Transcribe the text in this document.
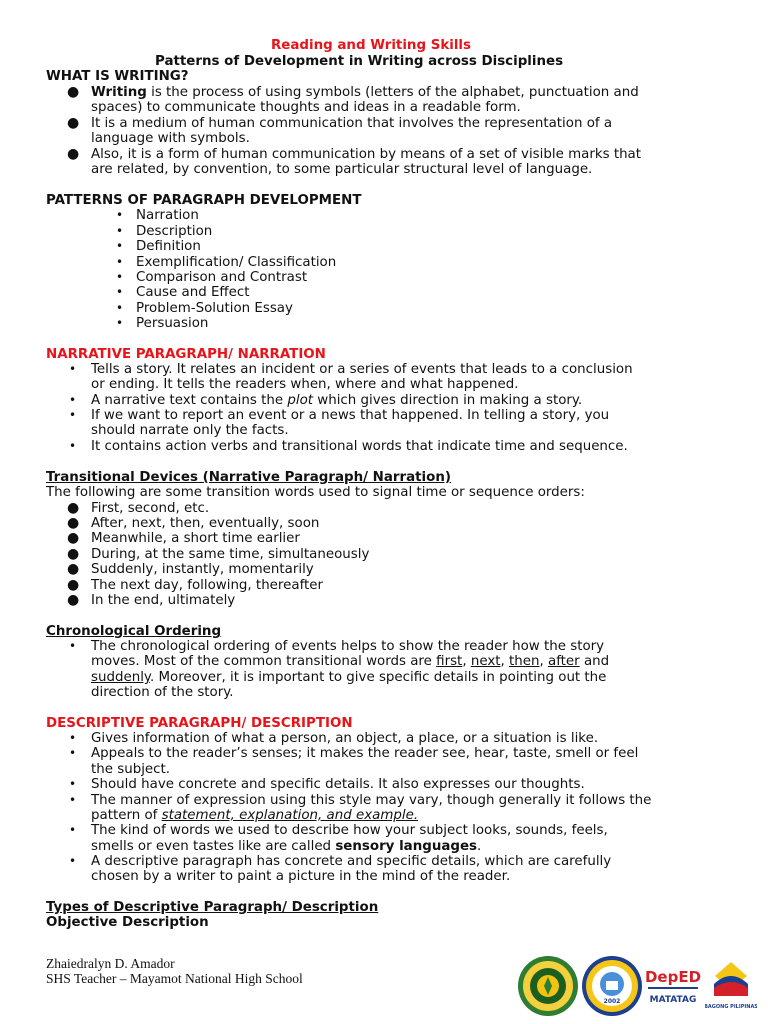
Reading and Writing Skills
Patterns of Development in Writing across Disciplines
WHAT IS WRITING?
● Writing is the process of using symbols (letters of the alphabet, punctuation and
spaces) to communicate thoughts and ideas in a readable form.
● It is a medium of human communication that involves the representation of a
language with symbols.
● Also, it is a form of human communication by means of a set of visible marks that
are related, by convention, to some particular structural level of language.
PATTERNS OF PARAGRAPH DEVELOPMENT
• Narration
• Description
• Definition
• Exemplification/ Classification
• Comparison and Contrast
• Cause and Effect
• Problem-Solution Essay
• Persuasion
NARRATIVE PARAGRAPH/ NARRATION
• Tells a story. It relates an incident or a series of events that leads to a conclusion
or ending. It tells the readers when, where and what happened.
• A narrative text contains the plot which gives direction in making a story.
• If we want to report an event or a news that happened. In telling a story, you
should narrate only the facts.
• It contains action verbs and transitional words that indicate time and sequence.
Transitional Devices (Narrative Paragraph/ Narration)
The following are some transition words used to signal time or sequence orders:
● First, second, etc.
● After, next, then, eventually, soon
● Meanwhile, a short time earlier
● During, at the same time, simultaneously
● Suddenly, instantly, momentarily
● The next day, following, thereafter
● In the end, ultimately
Chronological Ordering
• The chronological ordering of events helps to show the reader how the story
moves. Most of the common transitional words are first, next, then, after and
suddenly. Moreover, it is important to give specific details in pointing out the
direction of the story.
DESCRIPTIVE PARAGRAPH/ DESCRIPTION
• Gives information of what a person, an object, a place, or a situation is like.
• Appeals to the reader’s senses; it makes the reader see, hear, taste, smell or feel
the subject.
• Should have concrete and specific details. It also expresses our thoughts.
• The manner of expression using this style may vary, though generally it follows the
pattern of statement, explanation, and example.
• The kind of words we used to describe how your subject looks, sounds, feels,
smells or even tastes like are called sensory languages.
• A descriptive paragraph has concrete and specific details, which are carefully
chosen by a writer to paint a picture in the mind of the reader.
Types of Descriptive Paragraph/ Description
Objective Description
Zhaiedralyn D. Amador
SHS Teacher – Mayamot National High School
2002
DepED
MATATAG
BAGONG PILIPINAS
